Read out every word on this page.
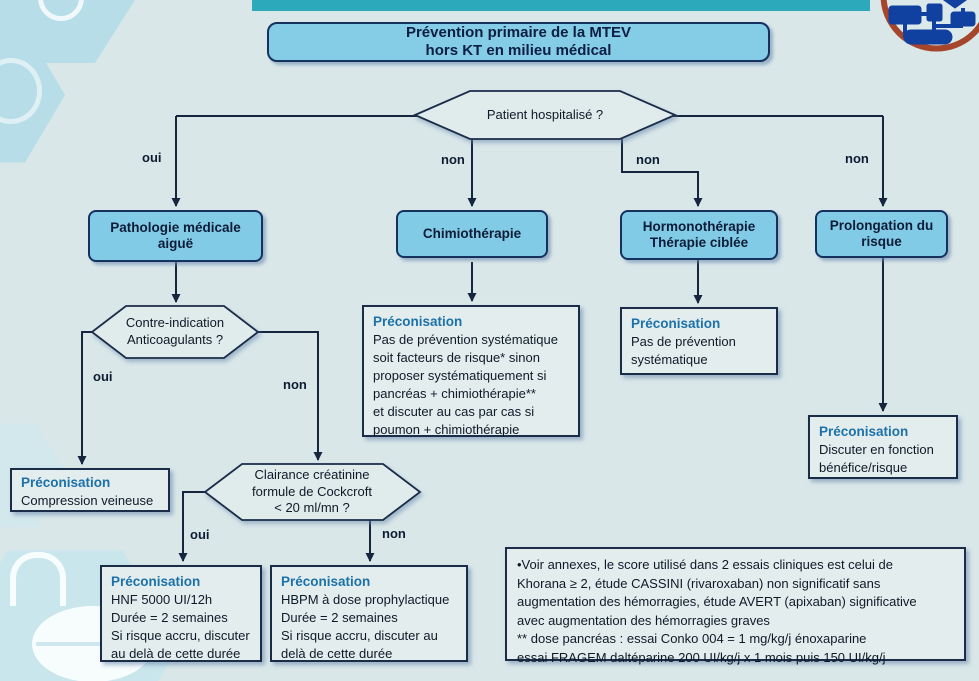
Prévention primaire de la MTEV
hors KT en milieu médical
Patient hospitalisé ?
Contre-indication
Anticoagulants ?
Clairance créatinine
formule de Cockcroft
< 20 ml/mn ?
Pathologie médicale
aiguë
Chimiothérapie	Hormonothérapie
Thérapie ciblée
Prolongation du
risque
oui	non	non	non
oui
non
oui	non
Préconisation
Pas de prévention systématique
soit facteurs de risque* sinon
proposer systématiquement si
pancréas + chimiothérapie**
et discuter au cas par cas si
poumon + chimiothérapie
Préconisation
Pas de prévention
systématique
Préconisation
Discuter en fonction
bénéfice/risque
Préconisation
Compression veineuse
Préconisation
HNF 5000 UI/12h
Durée = 2 semaines
Si risque accru, discuter
au delà de cette durée
Préconisation
HBPM à dose prophylactique
Durée = 2 semaines
Si risque accru, discuter au
delà de cette durée
•Voir annexes, le score utilisé dans 2 essais cliniques est celui de
Khorana ≥ 2, étude CASSINI (rivaroxaban) non significatif sans
augmentation des hémorragies, étude AVERT (apixaban) significative
avec augmentation des hémorragies graves
** dose pancréas : essai Conko 004 = 1 mg/kg/j énoxaparine
essai FRAGEM daltéparine 200 UI/kg/j x 1 mois puis 150 UI/kg/j
